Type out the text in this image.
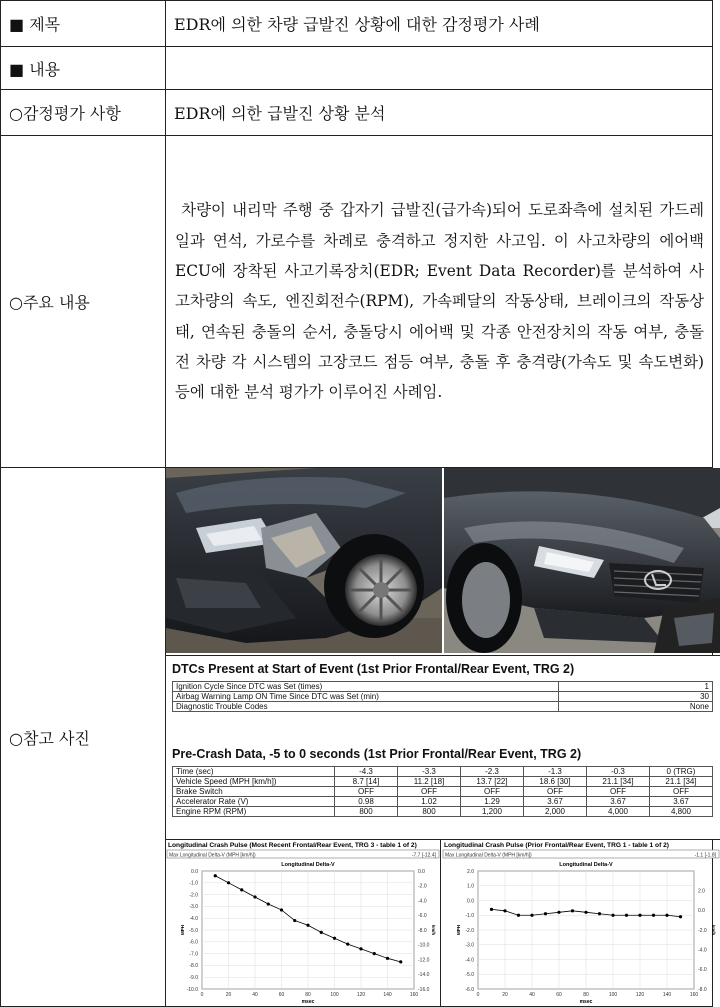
■ 제목	EDR에 의한 차량 급발진 상황에 대한 감정평가 사례
■ 내용	
○감정평가 사항	EDR에 의한 급발진 상황 분석
○주요 내용	
차량이 내리막 주행 중 갑자기 급발진(급가속)되어 도로좌측에 설치된 가드레일과 연석, 가로수를 차례로 충격하고 정지한 사고임. 이 사고차량의 에어백 ECU에 장착된 사고기록장치(EDR; Event Data Recorder)를 분석하여 사고차량의 속도, 엔진회전수(RPM), 가속페달의 작동상태, 브레이크의 작동상태, 연속된 충돌의 순서, 충돌당시 에어백 및 각종 안전장치의 작동 여부, 충돌 전 차량 각 시스템의 고장코드 점등 여부, 충돌 후 충격량(가속도 및 속도변화) 등에 대한 분석 평가가 이루어진 사례임.

○참고 사진	
DTCs Present at Start of Event (1st Prior Frontal/Rear Event, TRG 2)
Ignition Cycle Since DTC was Set (times)	1
Airbag Warning Lamp ON Time Since DTC was Set (min)	30
Diagnostic Trouble Codes	None
Pre-Crash Data, -5 to 0 seconds (1st Prior Frontal/Rear Event, TRG 2)
Time (sec)	-4.3	-3.3	-2.3	-1.3	-0.3	0 (TRG)
Vehicle Speed (MPH [km/h])	8.7 [14]	11.2 [18]	13.7 [22]	18.6 [30]	21.1 [34]	21.1 [34]
Brake Switch	OFF	OFF	OFF	OFF	OFF	OFF
Accelerator Rate (V)	0.98	1.02	1.29	3.67	3.67	3.67
Engine RPM (RPM)	800	800	1,200	2,000	4,000	4,800
Longitudinal Crash Pulse (Most Recent Frontal/Rear Event, TRG 3 - table 1 of 2)
Max Longitudinal Delta-V (MPH [km/h])	-7.7 [-12.4]
Longitudinal Delta-V
0.0
-1.0
-2.0
-3.0
-4.0
-5.0
-6.0
-7.0
-8.0
-9.0
-10.0
0.0
-2.0
-4.0
-6.0
-8.0
-10.0
-12.0
-14.0
-16.0
0	20	40	60	80	100	120	140	160
msec
MPH	km/h
Longitudinal Crash Pulse (Prior Frontal/Rear Event, TRG 1 - table 1 of 2)
Max Longitudinal Delta-V (MPH [km/h])	-1.1 [-1.8]
Longitudinal Delta-V
2.0
1.0
0.0
-1.0
-2.0
-3.0
-4.0
-5.0
-6.0
2.0
0.0
-2.0
-4.0
-6.0
-8.0
0	20	40	60	80	100	120	140	160
msec
MPH	km/h
